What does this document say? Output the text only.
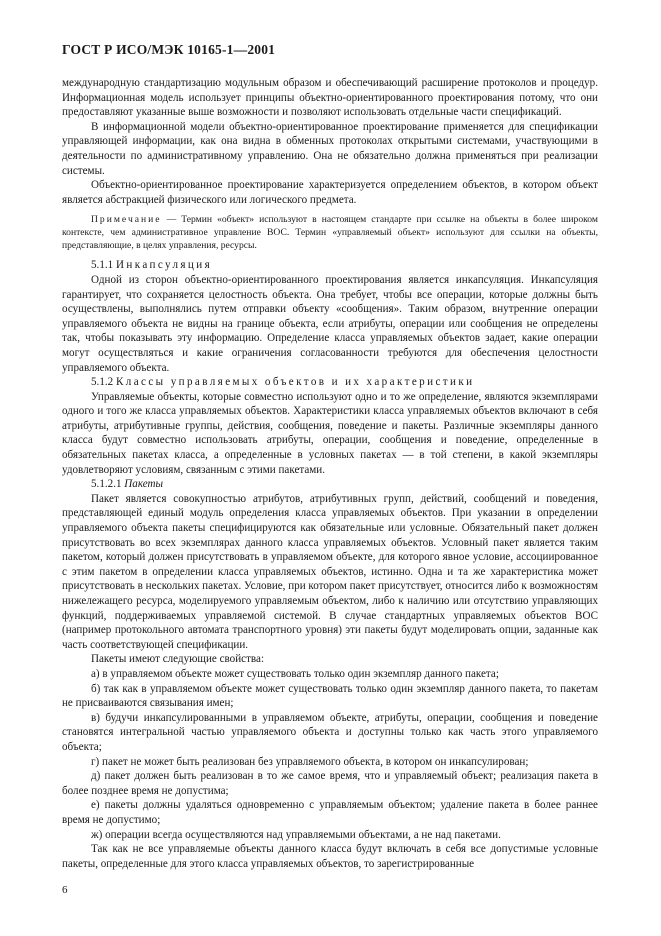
ГОСТ Р ИСО/МЭК 10165-1—2001

международную стандартизацию модульным образом и обеспечивающий расширение протоколов и процедур. Информационная модель использует принципы объектно-ориентированного проектирования потому, что они предоставляют указанные выше возможности и позволяют использовать отдельные части спецификаций.

В информационной модели объектно-ориентированное проектирование применяется для спецификации управляющей информации, как она видна в обменных протоколах открытыми системами, участвующими в деятельности по административному управлению. Она не обязательно должна применяться при реализации системы.

Объектно-ориентированное проектирование характеризуется определением объектов, в котором объект является абстракцией физического или логического предмета.

Примечание — Термин «объект» используют в настоящем стандарте при ссылке на объекты в более широком контексте, чем административное управление ВОС. Термин «управляемый объект» используют для ссылки на объекты, представляющие, в целях управления, ресурсы.

5.1.1 Инкапсуляция

Одной из сторон объектно-ориентированного проектирования является инкапсуляция. Инкапсуляция гарантирует, что сохраняется целостность объекта. Она требует, чтобы все операции, которые должны быть осуществлены, выполнялись путем отправки объекту «сообщения». Таким образом, внутренние операции управляемого объекта не видны на границе объекта, если атрибуты, операции или сообщения не определены так, чтобы показывать эту информацию. Определение класса управляемых объектов задает, какие операции могут осуществляться и какие ограничения согласованности требуются для обеспечения целостности управляемого объекта.

5.1.2 Классы управляемых объектов и их характеристики

Управляемые объекты, которые совместно используют одно и то же определение, являются экземплярами одного и того же класса управляемых объектов. Характеристики класса управляемых объектов включают в себя атрибуты, атрибутивные группы, действия, сообщения, поведение и пакеты. Различные экземпляры данного класса будут совместно использовать атрибуты, операции, сообщения и поведение, определенные в обязательных пакетах класса, а определенные в условных пакетах — в той степени, в какой экземпляры удовлетворяют условиям, связанным с этими пакетами.

5.1.2.1 Пакеты

Пакет является совокупностью атрибутов, атрибутивных групп, действий, сообщений и поведения, представляющей единый модуль определения класса управляемых объектов. При указании в определении управляемого объекта пакеты специфицируются как обязательные или условные. Обязательный пакет должен присутствовать во всех экземплярах данного класса управляемых объектов. Условный пакет является таким пакетом, который должен присутствовать в управляемом объекте, для которого явное условие, ассоциированное с этим пакетом в определении класса управляемых объектов, истинно. Одна и та же характеристика может присутствовать в нескольких пакетах. Условие, при котором пакет присутствует, относится либо к возможностям нижележащего ресурса, моделируемого управляемым объектом, либо к наличию или отсутствию управляющих функций, поддерживаемых управляемой системой. В случае стандартных управляемых объектов ВОС (например протокольного автомата транспортного уровня) эти пакеты будут моделировать опции, заданные как часть соответствующей спецификации.

Пакеты имеют следующие свойства:

а) в управляемом объекте может существовать только один экземпляр данного пакета;

б) так как в управляемом объекте может существовать только один экземпляр данного пакета, то пакетам не присваиваются связывания имен;

в) будучи инкапсулированными в управляемом объекте, атрибуты, операции, сообщения и поведение становятся интегральной частью управляемого объекта и доступны только как часть этого управляемого объекта;

г) пакет не может быть реализован без управляемого объекта, в котором он инкапсулирован;

д) пакет должен быть реализован в то же самое время, что и управляемый объект; реализация пакета в более позднее время не допустима;

е) пакеты должны удаляться одновременно с управляемым объектом; удаление пакета в более раннее время не допустимо;

ж) операции всегда осуществляются над управляемыми объектами, а не над пакетами.

Так как не все управляемые объекты данного класса будут включать в себя все допустимые условные пакеты, определенные для этого класса управляемых объектов, то зарегистрированные

6
